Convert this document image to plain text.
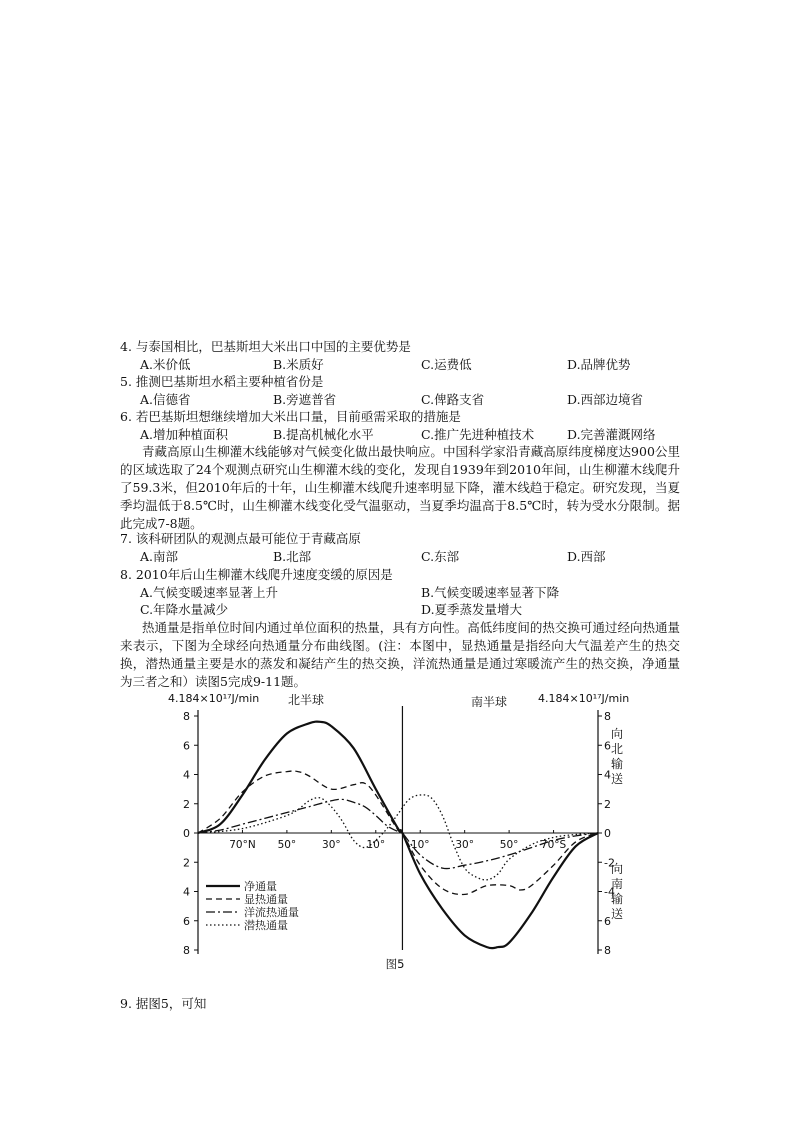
4. 与泰国相比，巴基斯坦大米出口中国的主要优势是
A.米价低	B.米质好	C.运费低	D.品牌优势
5. 推测巴基斯坦水稻主要种植省份是
A.信德省	B.旁遮普省	C.俾路支省	D.西部边境省
6. 若巴基斯坦想继续增加大米出口量，目前亟需采取的措施是
A.增加种植面积	B.提高机械化水平	C.推广先进种植技术	D.完善灌溉网络
青藏高原山生柳灌木线能够对气候变化做出最快响应。中国科学家沿青藏高原纬度梯度达900公里的区域选取了24个观测点研究山生柳灌木线的变化，发现自1939年到2010年间，山生柳灌木线爬升了59.3米，但2010年后的十年，山生柳灌木线爬升速率明显下降，灌木线趋于稳定。研究发现，当夏季均温低于8.5℃时，山生柳灌木线变化受气温驱动，当夏季均温高于8.5℃时，转为受水分限制。据此完成7-8题。
7. 该科研团队的观测点最可能位于青藏高原
A.南部	B.北部	C.东部	D.西部
8. 2010年后山生柳灌木线爬升速度变缓的原因是
A.气候变暖速率显著上升	B.气候变暖速率显著下降
C.年降水量减少	D.夏季蒸发量增大
热通量是指单位时间内通过单位面积的热量，具有方向性。高低纬度间的热交换可通过经向热通量来表示，下图为全球经向热通量分布曲线图。(注：本图中，显热通量是指经向大气温差产生的热交换，潜热通量主要是水的蒸发和凝结产生的热交换，洋流热通量是通过寒暖流产生的热交换，净通量为三者之和）读图5完成9-11题。
8	8
6	6
4	4
2	2
0	0
2	-2
4	-4
6	6
8	8
70°N 50° 30° 10° 10° 30° 50° 70°S
4.184×10¹⁷J/min	4.184×10¹⁷J/min
北半球	南半球
向
北
输
送
向
南
输
送
图5
净通量
显热通量
洋流热通量
潜热通量
9. 据图5，可知
